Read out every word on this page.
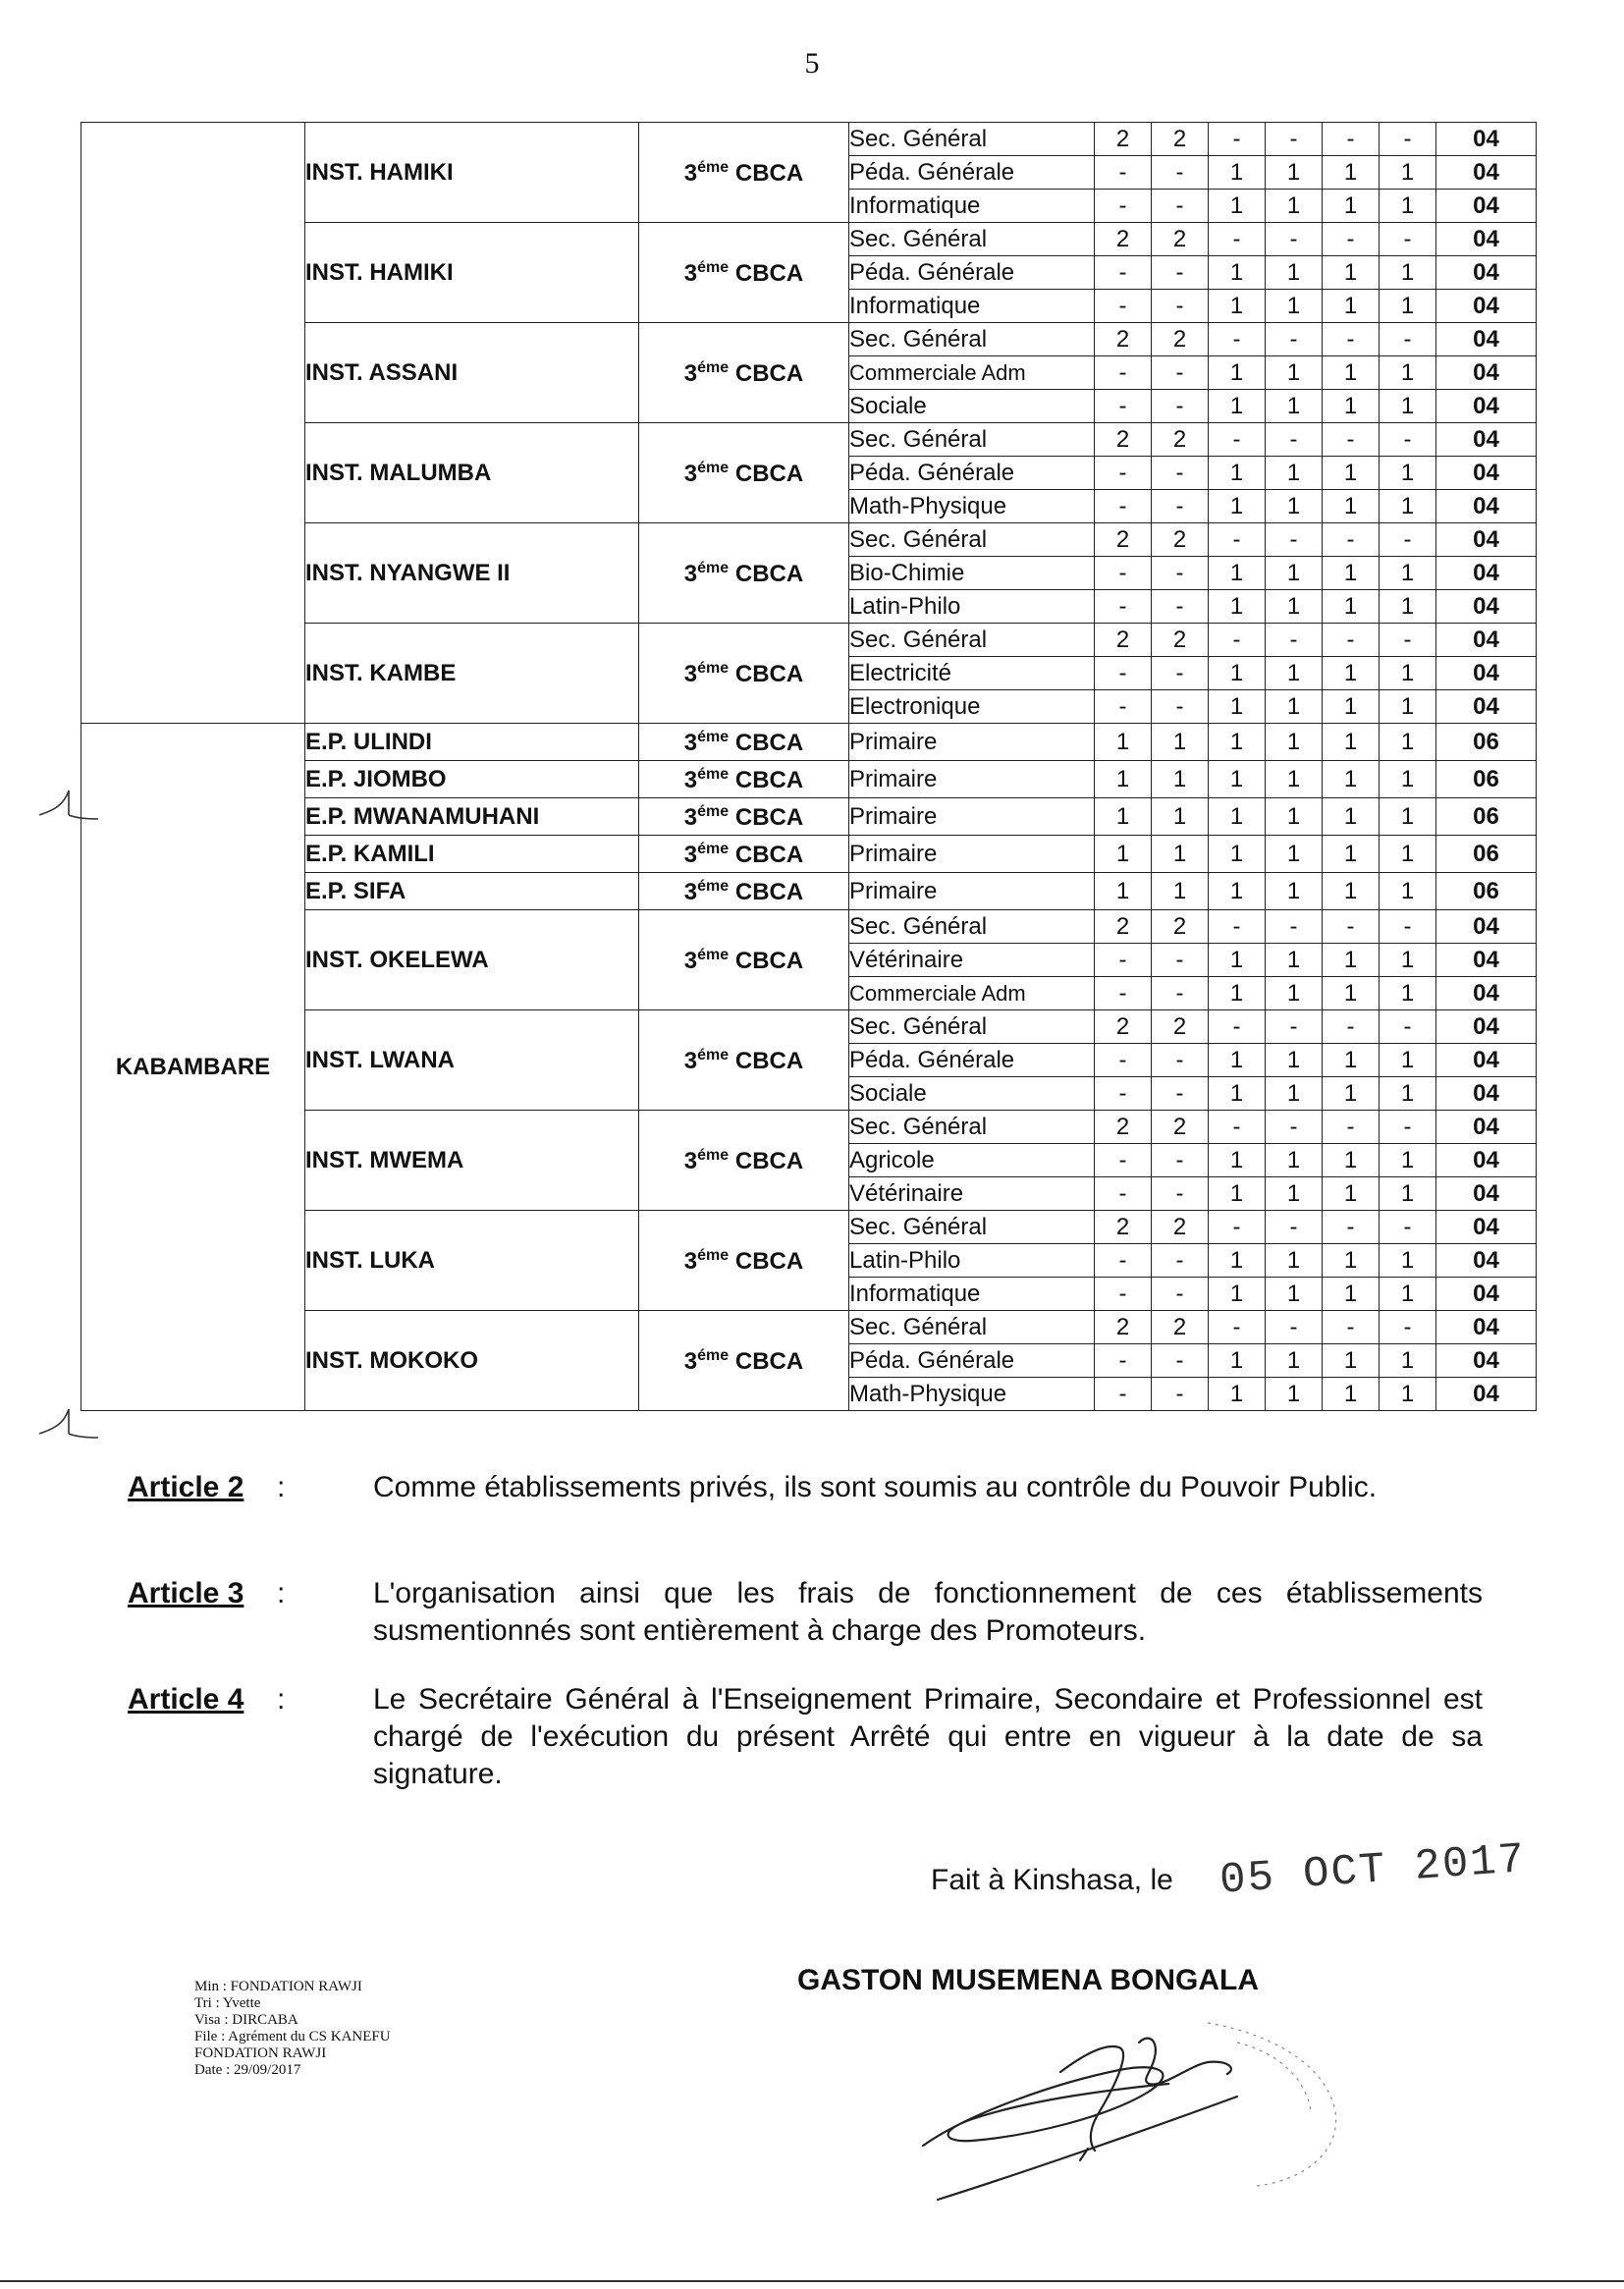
5
	INST. HAMIKI	$3^{éme}$ CBCA	Sec. Général	2	2	-	-	-	-	04
			Péda. Générale	-	-	1	1	1	1	04
			Informatique	-	-	1	1	1	1	04
	INST. HAMIKI	$3^{éme}$ CBCA	Sec. Général	2	2	-	-	-	-	04
			Péda. Générale	-	-	1	1	1	1	04
			Informatique	-	-	1	1	1	1	04
	INST. ASSANI	$3^{éme}$ CBCA	Sec. Général	2	2	-	-	-	-	04
			Commerciale Adm	-	-	1	1	1	1	04
			Sociale	-	-	1	1	1	1	04
	INST. MALUMBA	$3^{éme}$ CBCA	Sec. Général	2	2	-	-	-	-	04
			Péda. Générale	-	-	1	1	1	1	04
			Math-Physique	-	-	1	1	1	1	04
	INST. NYANGWE II	$3^{éme}$ CBCA	Sec. Général	2	2	-	-	-	-	04
			Bio-Chimie	-	-	1	1	1	1	04
			Latin-Philo	-	-	1	1	1	1	04
	INST. KAMBE	$3^{éme}$ CBCA	Sec. Général	2	2	-	-	-	-	04
			Electricité	-	-	1	1	1	1	04
			Electronique	-	-	1	1	1	1	04
KABAMBARE	E.P. ULINDI	$3^{éme}$ CBCA	Primaire	1	1	1	1	1	1	06
	E.P. JIOMBO	$3^{éme}$ CBCA	Primaire	1	1	1	1	1	1	06
	E.P. MWANAMUHANI	$3^{éme}$ CBCA	Primaire	1	1	1	1	1	1	06
	E.P. KAMILI	$3^{éme}$ CBCA	Primaire	1	1	1	1	1	1	06
	E.P. SIFA	$3^{éme}$ CBCA	Primaire	1	1	1	1	1	1	06
	INST. OKELEWA	$3^{éme}$ CBCA	Sec. Général	2	2	-	-	-	-	04
			Vétérinaire	-	-	1	1	1	1	04
			Commerciale Adm	-	-	1	1	1	1	04
	INST. LWANA	$3^{éme}$ CBCA	Sec. Général	2	2	-	-	-	-	04
			Péda. Générale	-	-	1	1	1	1	04
			Sociale	-	-	1	1	1	1	04
	INST. MWEMA	$3^{éme}$ CBCA	Sec. Général	2	2	-	-	-	-	04
			Agricole	-	-	1	1	1	1	04
			Vétérinaire	-	-	1	1	1	1	04
	INST. LUKA	$3^{éme}$ CBCA	Sec. Général	2	2	-	-	-	-	04
			Latin-Philo	-	-	1	1	1	1	04
			Informatique	-	-	1	1	1	1	04
	INST. MOKOKO	$3^{éme}$ CBCA	Sec. Général	2	2	-	-	-	-	04
			Péda. Générale	-	-	1	1	1	1	04
			Math-Physique	-	-	1	1	1	1	04
Article 2	:	Comme établissements privés, ils sont soumis au contrôle du Pouvoir Public.
Article 3	:	L'organisation ainsi que les frais de fonctionnement de ces établissements susmentionnés sont entièrement à charge des Promoteurs.
Article 4	:	Le Secrétaire Général à l'Enseignement Primaire, Secondaire et Professionnel est chargé de l'exécution du présent Arrêté qui entre en vigueur à la date de sa signature.
Fait à Kinshasa, le 05 OCT 2017
GASTON MUSEMENA BONGALA
Min : FONDATION RAWJI
Tri : Yvette
Visa : DIRCABA
File : Agrément du CS KANEFU
FONDATION RAWJI
Date : 29/09/2017
